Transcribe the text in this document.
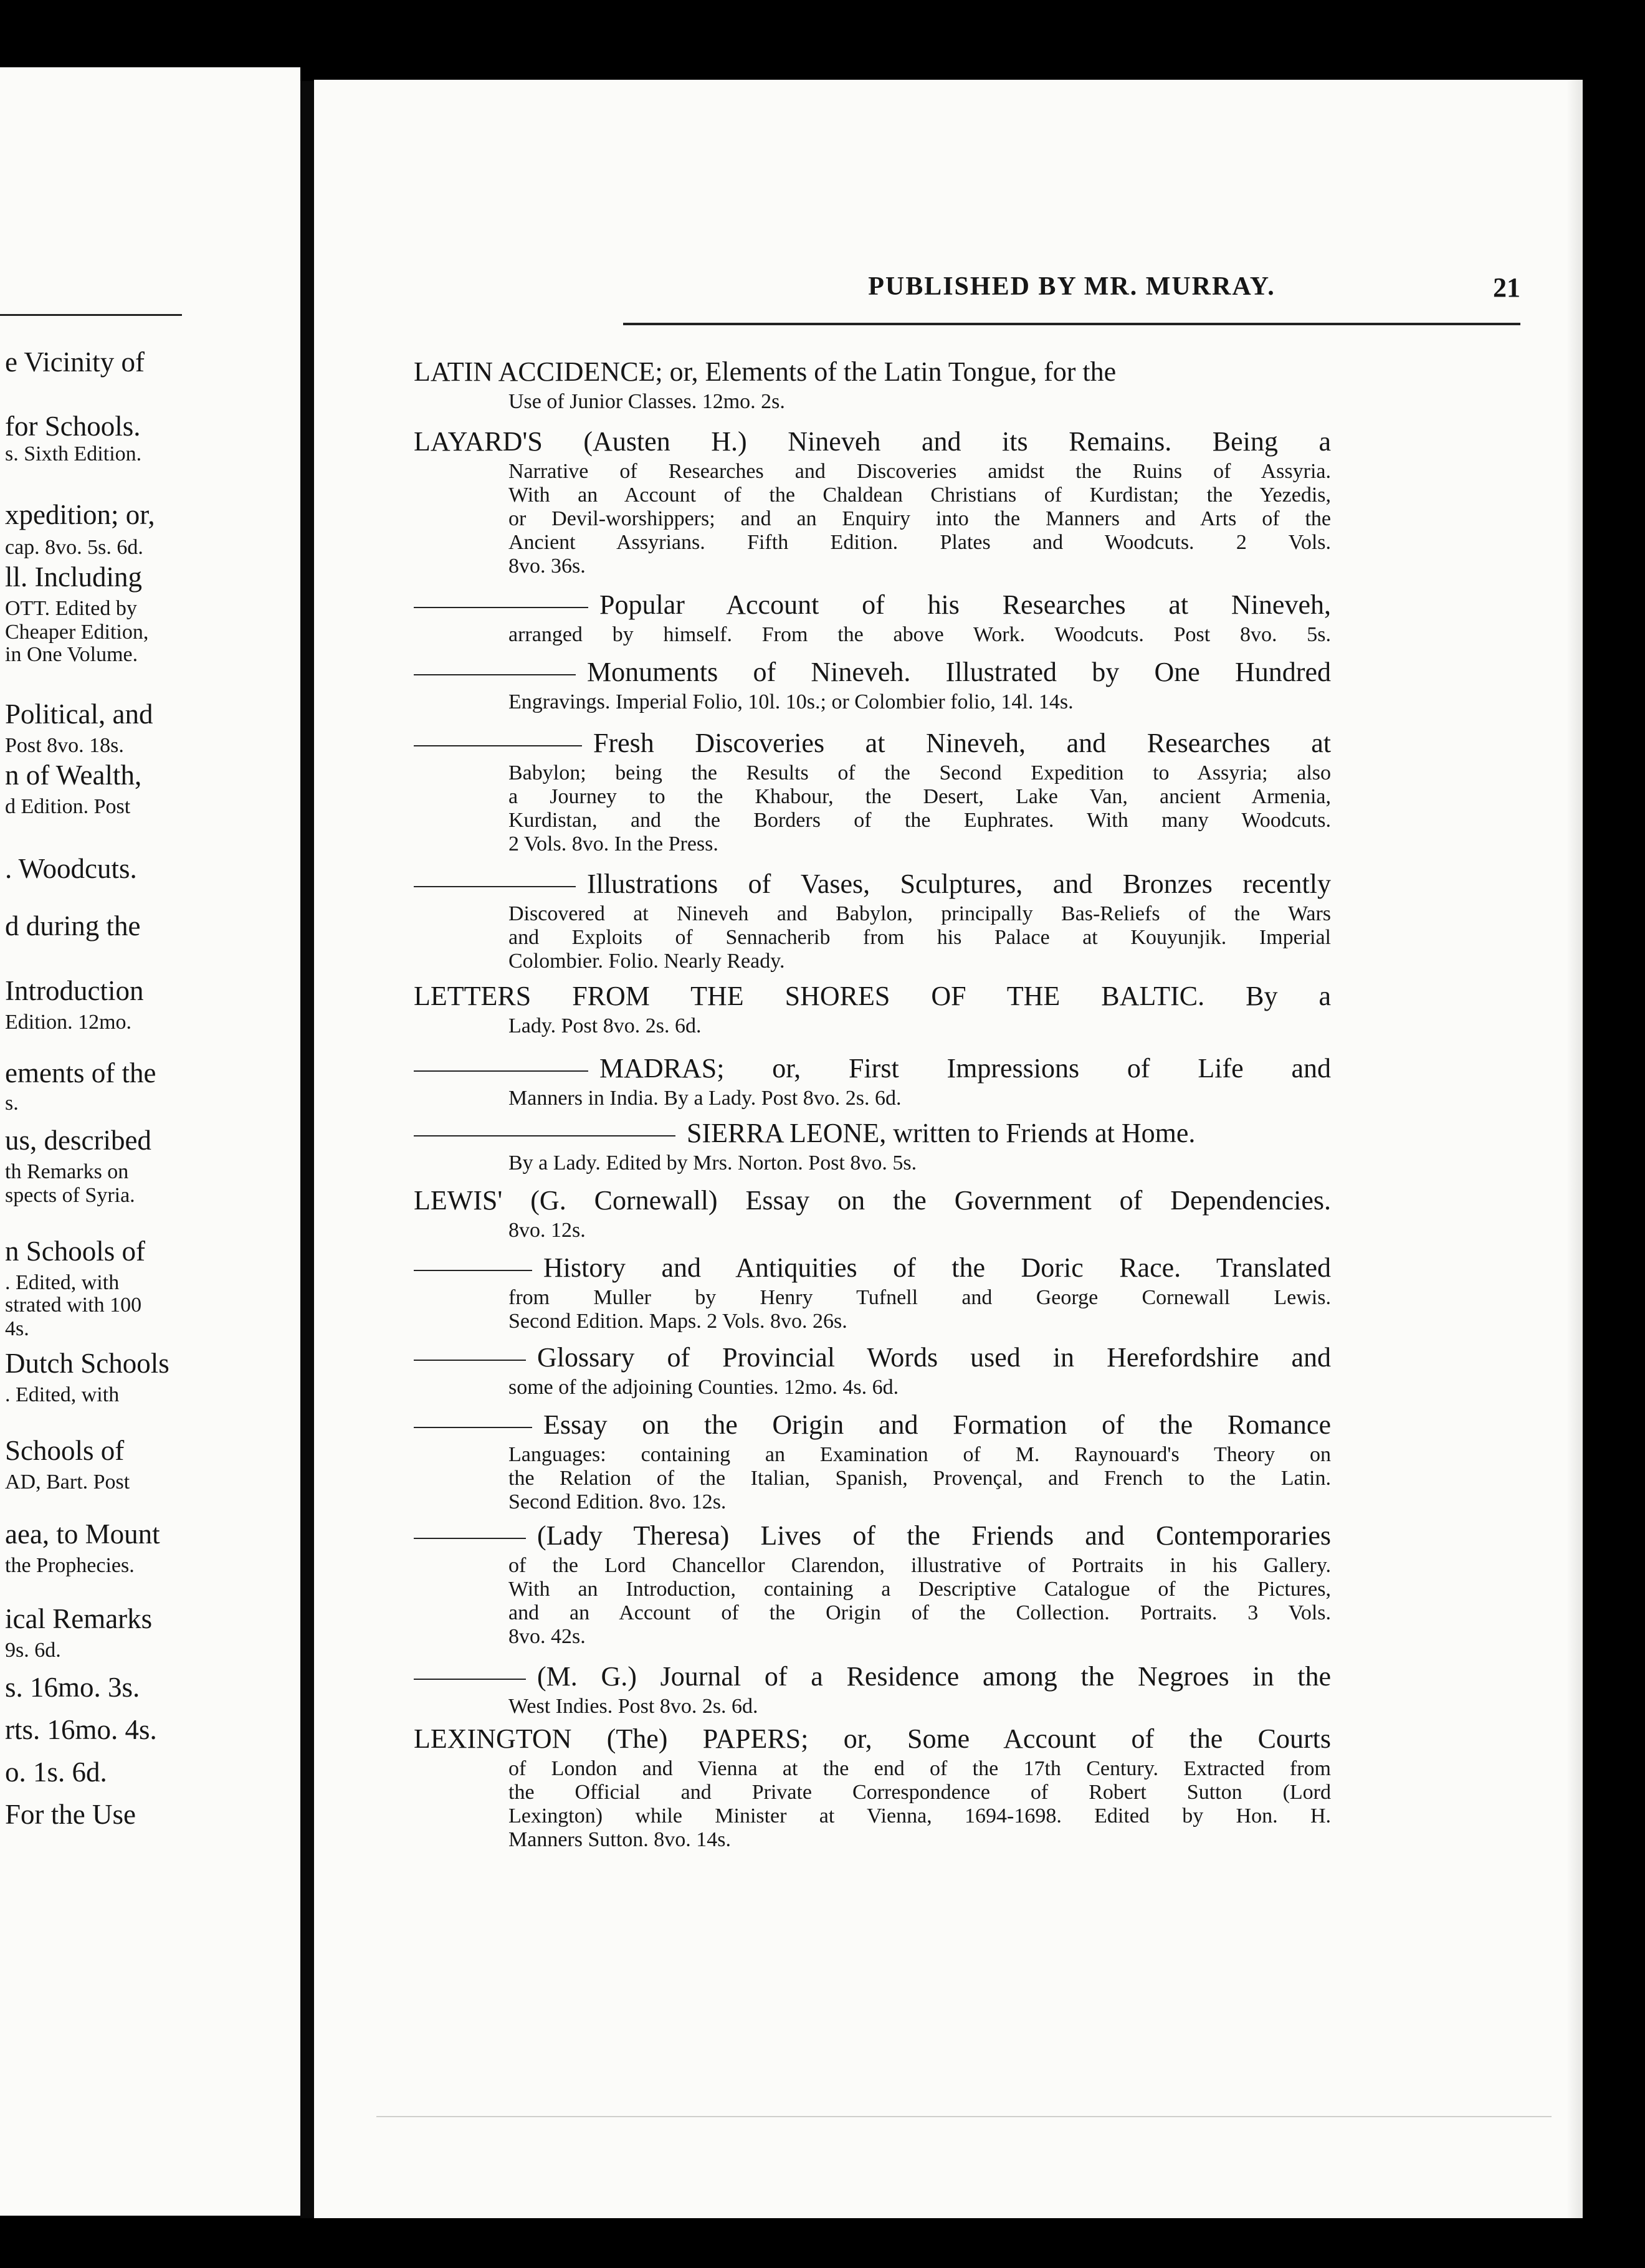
e Vicinity of
for Schools.
s. Sixth Edition.
xpedition; or,
cap. 8vo. 5s. 6d.
ll. Including
OTT. Edited by
Cheaper Edition,
in One Volume.
Political, and
Post 8vo. 18s.
n of Wealth,
d Edition. Post
. Woodcuts.
d during the
Introduction
Edition. 12mo.
ements of the
s.
us, described
th Remarks on
spects of Syria.
n Schools of
. Edited, with
strated with 100
4s.
Dutch Schools
. Edited, with
Schools of
AD, Bart. Post
aea, to Mount
the Prophecies.
ical Remarks
9s. 6d.
s. 16mo. 3s.
rts. 16mo. 4s.
o. 1s. 6d.
For the Use
PUBLISHED BY MR. MURRAY.	21
LATIN ACCIDENCE; or, Elements of the Latin Tongue, for the
Use of Junior Classes. 12mo. 2s.
LAYARD'S (Austen H.) Nineveh and its Remains. Being a
Narrative of Researches and Discoveries amidst the Ruins of Assyria.
With an Account of the Chaldean Christians of Kurdistan; the Yezedis,
or Devil-worshippers; and an Enquiry into the Manners and Arts of the
Ancient Assyrians. Fifth Edition. Plates and Woodcuts. 2 Vols.
8vo. 36s.
Popular Account of his Researches at Nineveh,
arranged by himself. From the above Work. Woodcuts. Post 8vo. 5s.
Monuments of Nineveh. Illustrated by One Hundred
Engravings. Imperial Folio, 10l. 10s.; or Colombier folio, 14l. 14s.
Fresh Discoveries at Nineveh, and Researches at
Babylon; being the Results of the Second Expedition to Assyria; also
a Journey to the Khabour, the Desert, Lake Van, ancient Armenia,
Kurdistan, and the Borders of the Euphrates. With many Woodcuts.
2 Vols. 8vo. In the Press.
Illustrations of Vases, Sculptures, and Bronzes recently
Discovered at Nineveh and Babylon, principally Bas-Reliefs of the Wars
and Exploits of Sennacherib from his Palace at Kouyunjik. Imperial
Colombier. Folio. Nearly Ready.
LETTERS FROM THE SHORES OF THE BALTIC. By a
Lady. Post 8vo. 2s. 6d.
MADRAS; or, First Impressions of Life and
Manners in India. By a Lady. Post 8vo. 2s. 6d.
SIERRA LEONE, written to Friends at Home.
By a Lady. Edited by Mrs. Norton. Post 8vo. 5s.
LEWIS' (G. Cornewall) Essay on the Government of Dependencies.
8vo. 12s.
History and Antiquities of the Doric Race. Translated
from Muller by Henry Tufnell and George Cornewall Lewis.
Second Edition. Maps. 2 Vols. 8vo. 26s.
Glossary of Provincial Words used in Herefordshire and
some of the adjoining Counties. 12mo. 4s. 6d.
Essay on the Origin and Formation of the Romance
Languages: containing an Examination of M. Raynouard's Theory on
the Relation of the Italian, Spanish, Provençal, and French to the Latin.
Second Edition. 8vo. 12s.
(Lady Theresa) Lives of the Friends and Contemporaries
of the Lord Chancellor Clarendon, illustrative of Portraits in his Gallery.
With an Introduction, containing a Descriptive Catalogue of the Pictures,
and an Account of the Origin of the Collection. Portraits. 3 Vols.
8vo. 42s.
(M. G.) Journal of a Residence among the Negroes in the
West Indies. Post 8vo. 2s. 6d.
LEXINGTON (The) PAPERS; or, Some Account of the Courts
of London and Vienna at the end of the 17th Century. Extracted from
the Official and Private Correspondence of Robert Sutton (Lord
Lexington) while Minister at Vienna, 1694-1698. Edited by Hon. H.
Manners Sutton. 8vo. 14s.
